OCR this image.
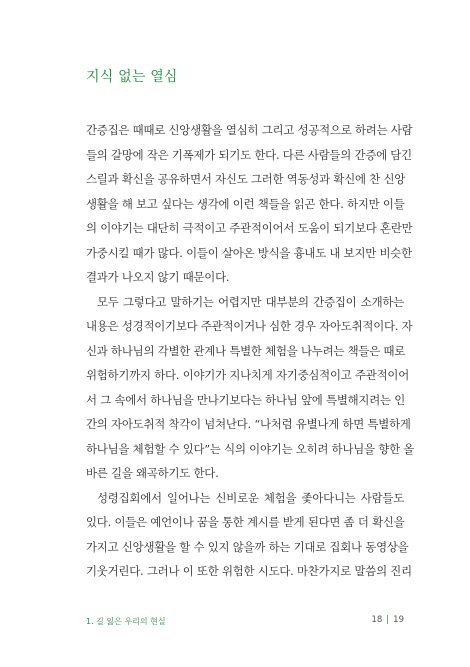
지식 없는 열심
간증집은 때때로 신앙생활을 열심히 그리고 성공적으로 하려는 사람
들의 갈망에 작은 기폭제가 되기도 한다. 다른 사람들의 간증에 담긴
스릴과 확신을 공유하면서 자신도 그러한 역동성과 확신에 찬 신앙
생활을 해 보고 싶다는 생각에 이런 책들을 읽곤 한다. 하지만 이들
의 이야기는 대단히 극적이고 주관적이어서 도움이 되기보다 혼란만
가중시킬 때가 많다. 이들이 살아온 방식을 흉내도 내 보지만 비슷한
결과가 나오지 않기 때문이다.
모두 그렇다고 말하기는 어렵지만 대부분의 간증집이 소개하는
내용은 성경적이기보다 주관적이거나 심한 경우 자아도취적이다. 자
신과 하나님의 각별한 관계나 특별한 체험을 나누려는 책들은 때로
위험하기까지 하다. 이야기가 지나치게 자기중심적이고 주관적이어
서 그 속에서 하나님을 만나기보다는 하나님 앞에 특별해지려는 인
간의 자아도취적 착각이 넘쳐난다. “나처럼 유별나게 하면 특별하게
하나님을 체험할 수 있다”는 식의 이야기는 오히려 하나님을 향한 올
바른 길을 왜곡하기도 한다.
성령집회에서 일어나는 신비로운 체험을 좇아다니는 사람들도
있다. 이들은 예언이나 꿈을 통한 계시를 받게 된다면 좀 더 확신을
가지고 신앙생활을 할 수 있지 않을까 하는 기대로 집회나 동영상을
기웃거린다. 그러나 이 또한 위험한 시도다. 마찬가지로 말씀의 진리
1. 길 잃은 우리의 현실	18 | 19
